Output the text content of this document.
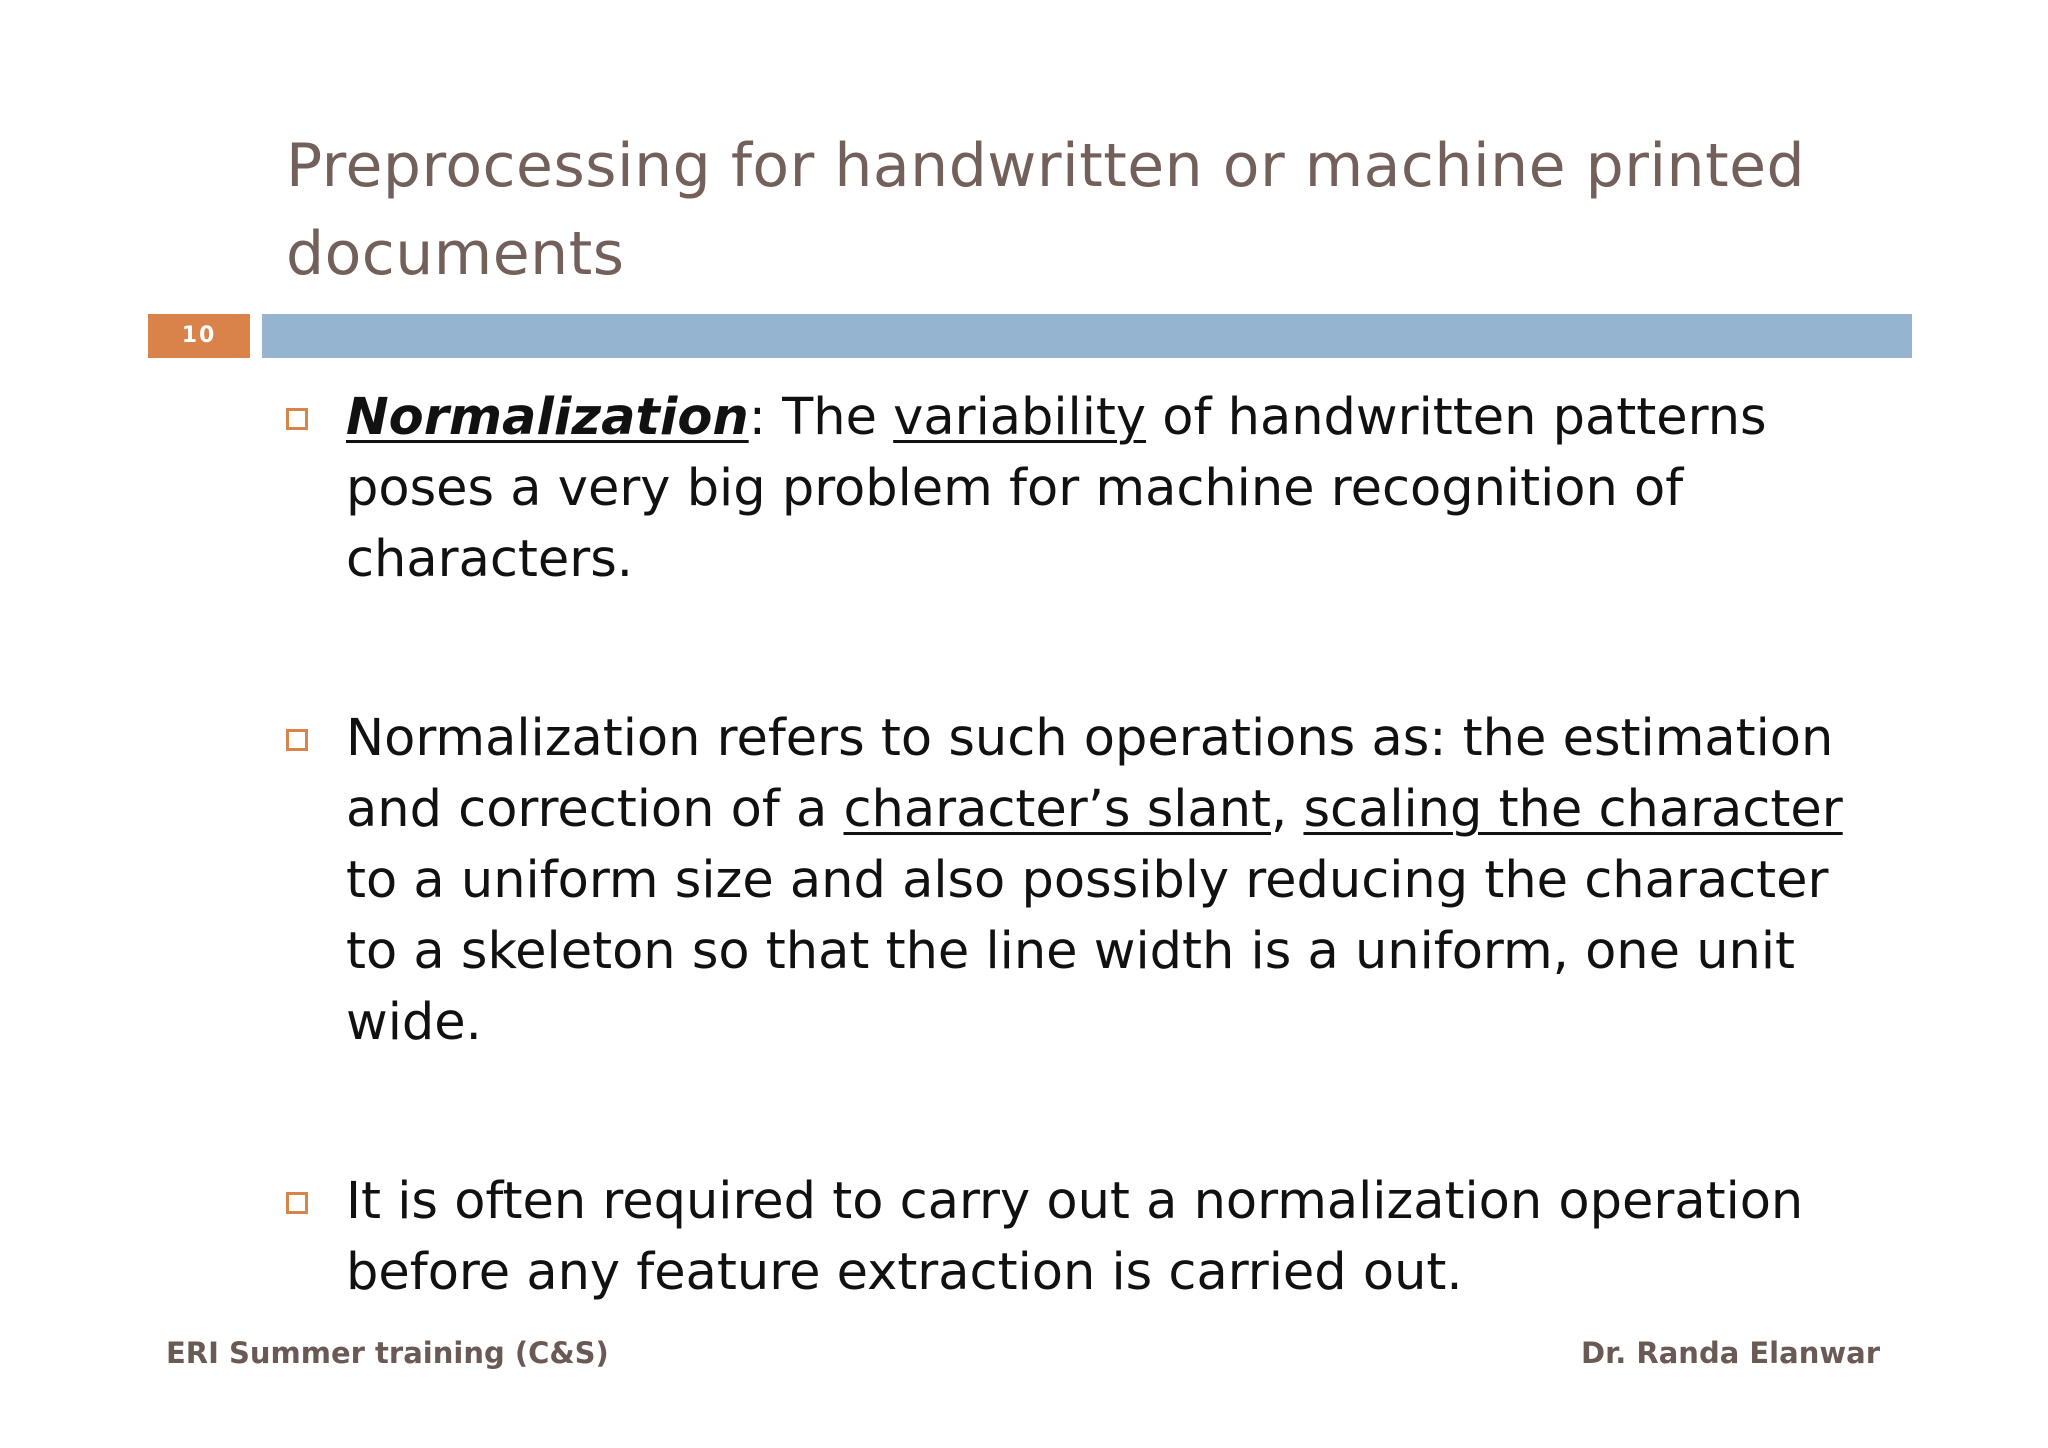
Preprocessing for handwritten or machine printed documents
10
Normalization: The variability of handwritten patterns poses a very big problem for machine recognition of characters.
Normalization refers to such operations as: the estimation and correction of a character’s slant, scaling the character to a uniform size and also possibly reducing the character to a skeleton so that the line width is a uniform, one unit wide.
It is often required to carry out a normalization operation before any feature extraction is carried out.
ERI Summer training (C&S)	Dr. Randa Elanwar
